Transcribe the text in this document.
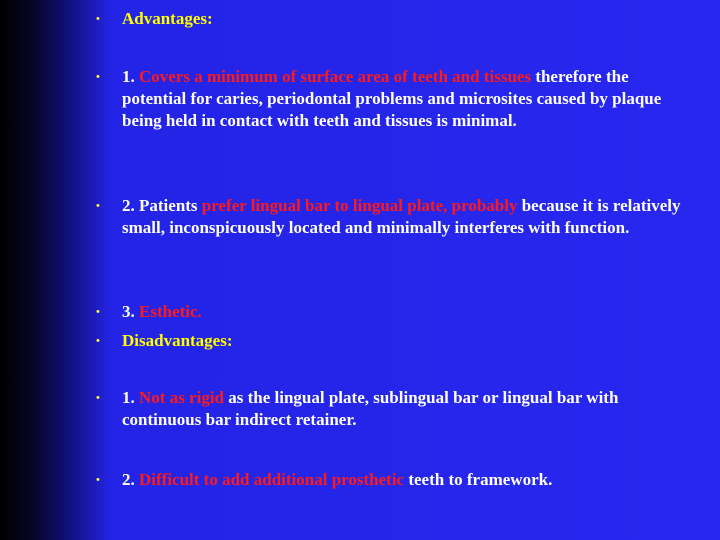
•	Advantages:
•	1. Covers a minimum of surface area of teeth and tissues therefore the potential for caries, periodontal problems and microsites caused by plaque being held in contact with teeth and tissues is minimal.
•	2. Patients prefer lingual bar to lingual plate, probably because it is relatively small, inconspicuously located and minimally interferes with function.
•	3. Esthetic.
•	Disadvantages:
•	1. Not as rigid as the lingual plate, sublingual bar or lingual bar with continuous bar indirect retainer.
•	2. Difficult to add additional prosthetic teeth to framework.
